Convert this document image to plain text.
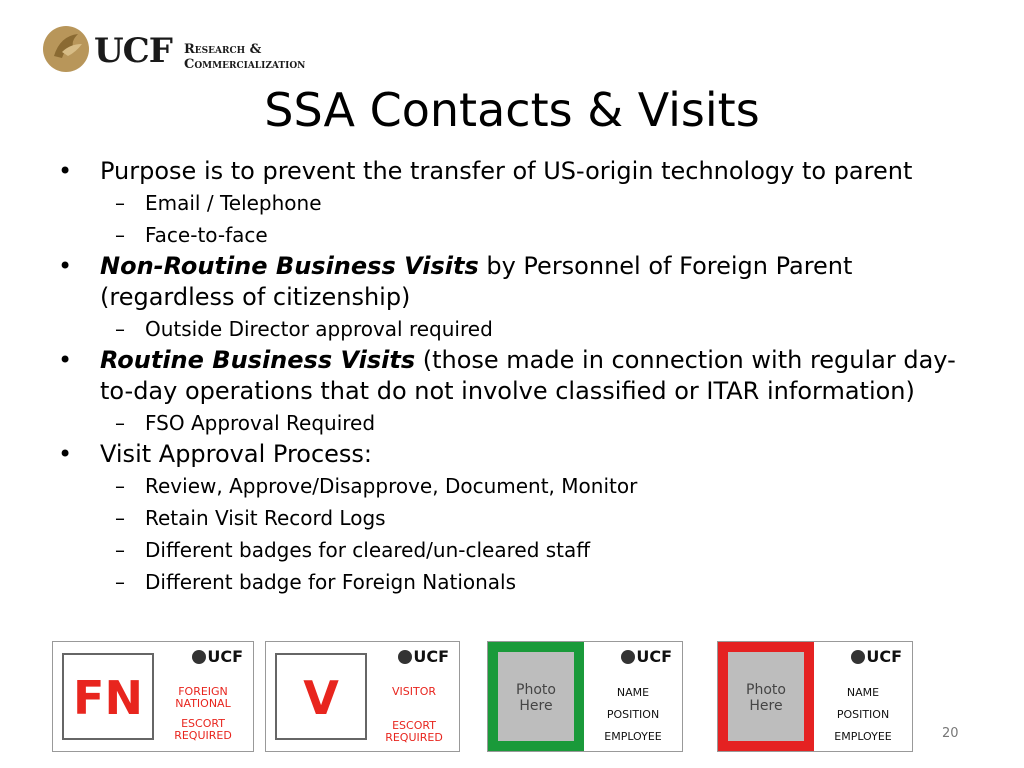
UCF Research &
Commercialization
SSA Contacts & Visits
• Purpose is to prevent the transfer of US-origin technology to parent
– Email / Telephone
– Face-to-face
• Non-Routine Business Visits by Personnel of Foreign Parent (regardless of citizenship)
– Outside Director approval required
• Routine Business Visits (those made in connection with regular day-to-day operations that do not involve classified or ITAR information)
– FSO Approval Required
• Visit Approval Process:
– Review, Approve/Disapprove, Document, Monitor
– Retain Visit Record Logs
– Different badges for cleared/un-cleared staff
– Different badge for Foreign Nationals
FN
UCF
FOREIGN
NATIONAL
ESCORT
REQUIRED
V
UCF
VISITOR
ESCORT
REQUIRED
Photo
Here
UCF
NAME
POSITION
EMPLOYEE
Photo
Here
UCF
NAME
POSITION
EMPLOYEE	20
